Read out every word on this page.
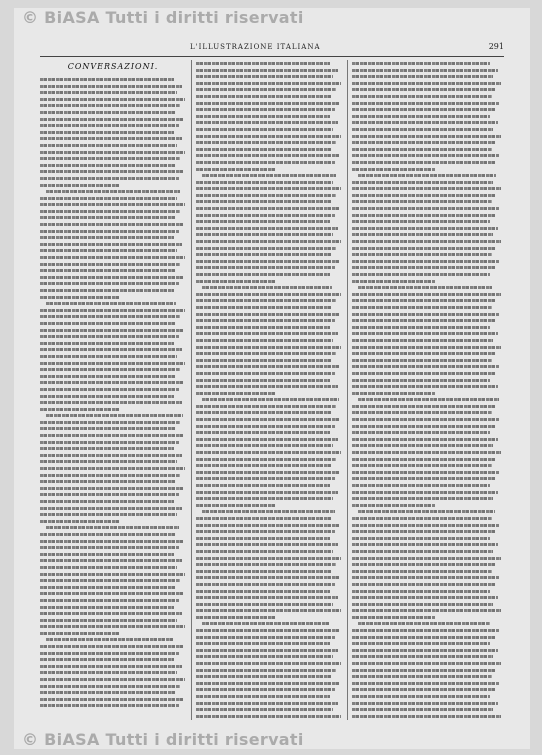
© BiASA Tutti i diritti riservati
L'ILLUSTRAZIONE ITALIANA	291
CONVERSAZIONI.
© BiASA Tutti i diritti riservati
